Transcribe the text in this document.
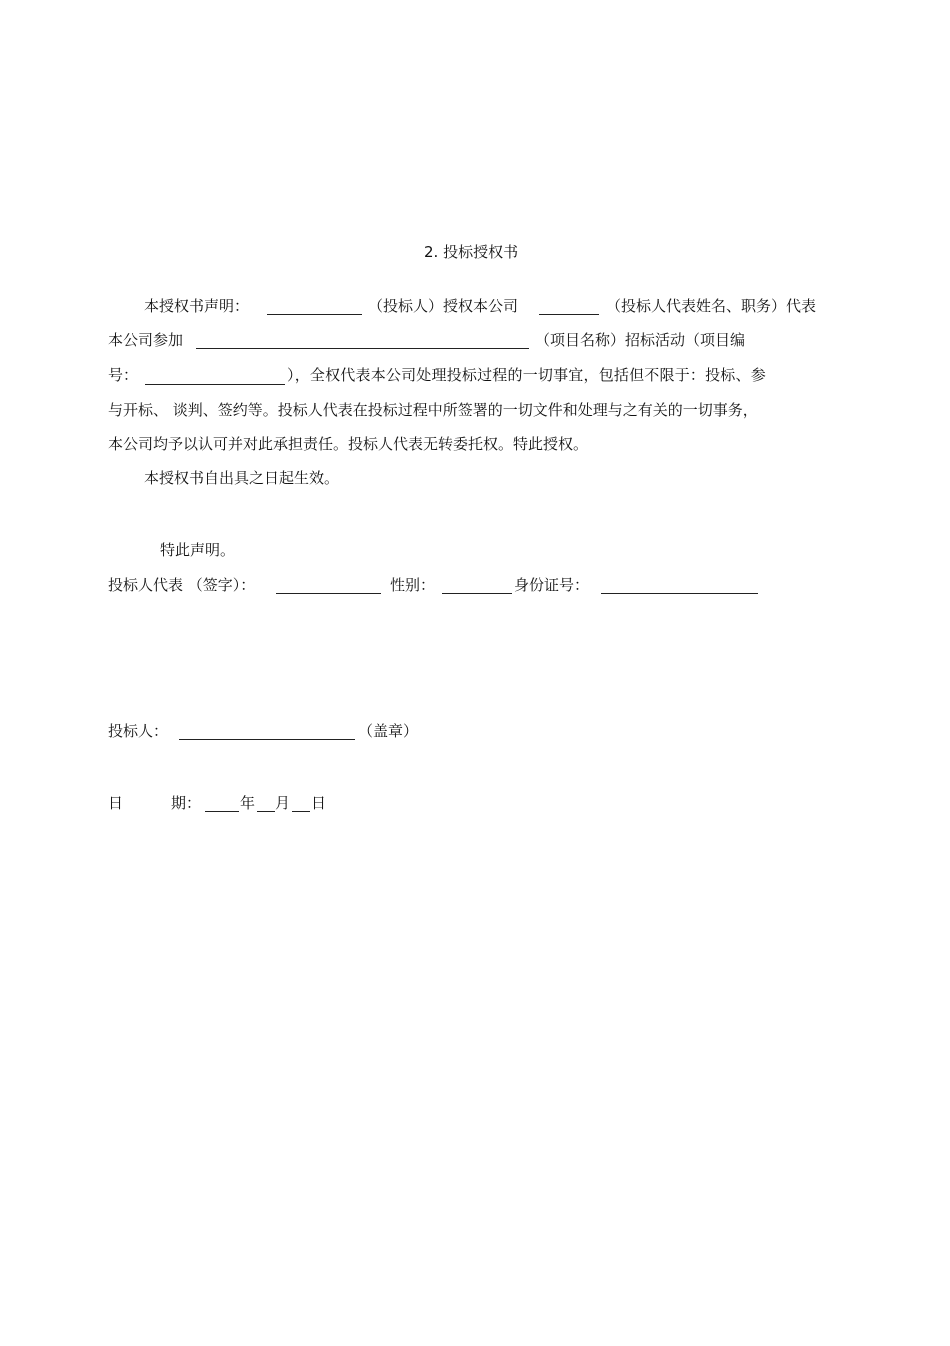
2. 投标授权书
本授权书声明：	（投标人）授权本公司	（投标人代表姓名、职务）代表
本公司参加	（项目名称）招标活动（项目编
号：	），全权代表本公司处理投标过程的一切事宜，包括但不限于：投标、参
与开标、 谈判、签约等。投标人代表在投标过程中所签署的一切文件和处理与之有关的一切事务，
本公司均予以认可并对此承担责任。投标人代表无转委托权。特此授权。
本授权书自出具之日起生效。
特此声明。
投标人代表 （签字）：	性别：	身份证号：
投标人：	（盖章）
日	期：	年 月 日
